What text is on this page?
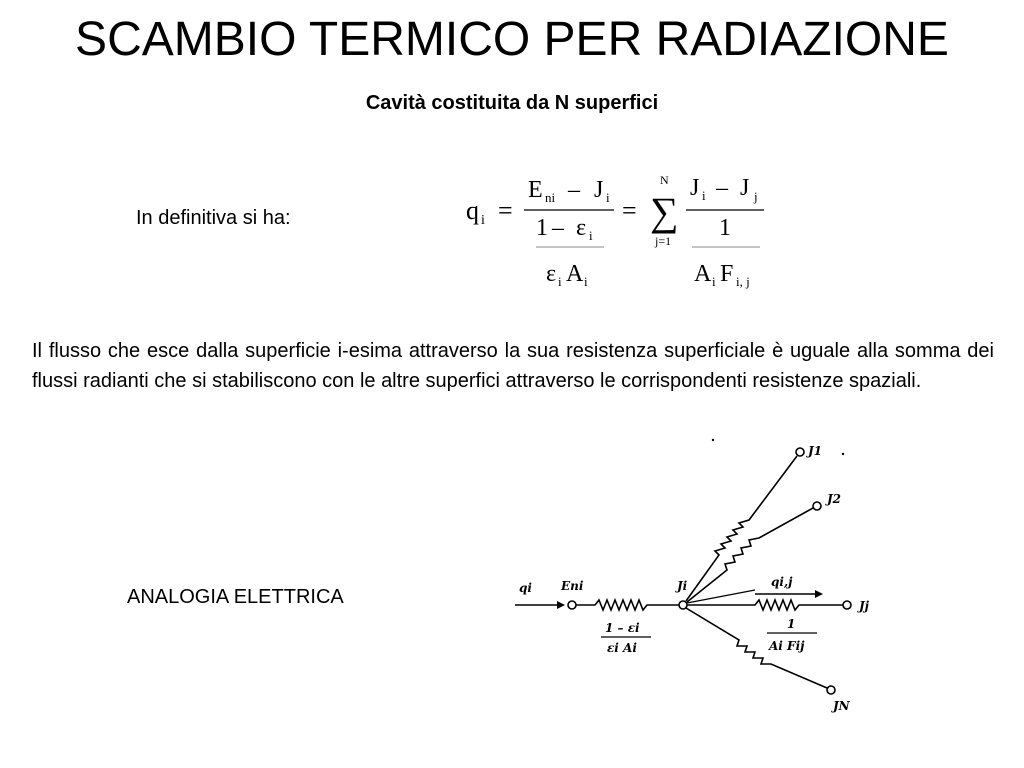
SCAMBIO TERMICO PER RADIAZIONE
Cavità costituita da N superfici
In definitiva si ha:	q i =
E ni – J i
1 – ε i
ε i A i
=
N
∑
j=1
J i – J j
1
A i F i, j
Il flusso che esce dalla superficie i-esima attraverso la sua resistenza superficiale è uguale alla somma dei flussi radianti che si stabiliscono con le altre superfici attraverso le corrispondenti resistenze spaziali.
ANALOGIA ELETTRICA	qi Eni
1 – εi
εi Ai
Ji
J1
J2
Jj
qi,j
1
Ai Fij
JN
